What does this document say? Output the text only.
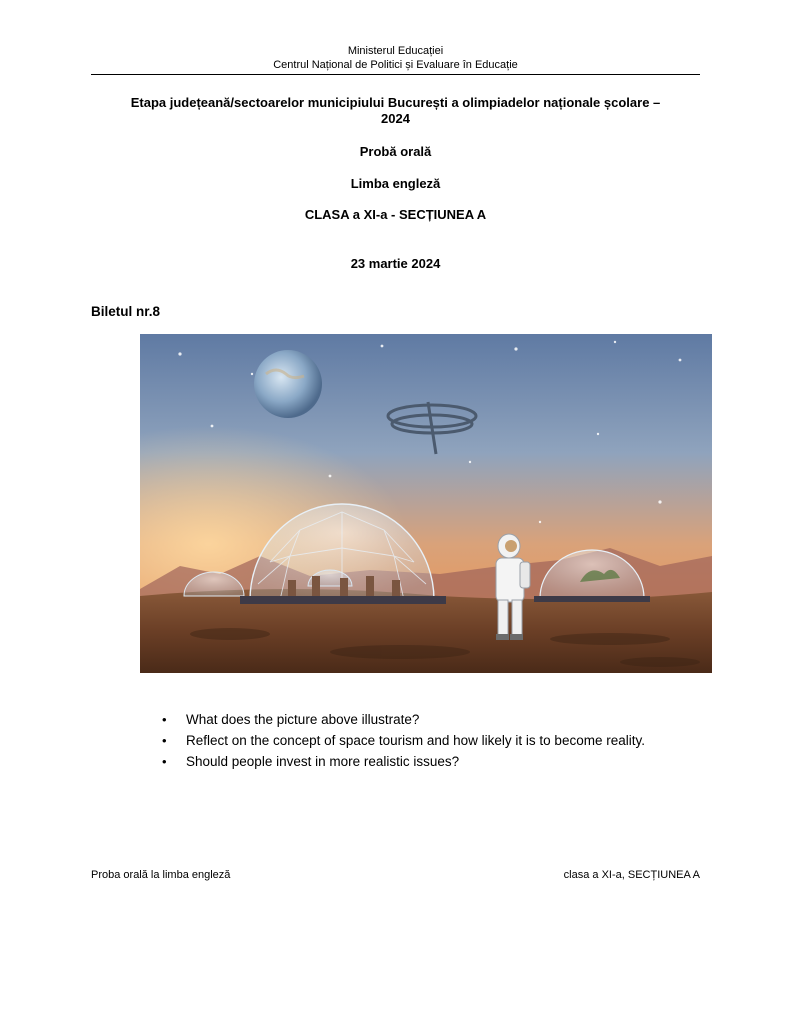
Ministerul Educației
Centrul Național de Politici și Evaluare în Educație
Etapa județeană/sectoarelor municipiului București a olimpiadelor naționale școlare –
2024
Probă orală
Limba engleză
CLASA a XI-a - SECȚIUNEA A
23 martie 2024
Biletul nr.8
• What does the picture above illustrate?
• Reflect on the concept of space tourism and how likely it is to become reality.
• Should people invest in more realistic issues?
Proba orală la limba engleză	clasa a XI-a, SECȚIUNEA A
